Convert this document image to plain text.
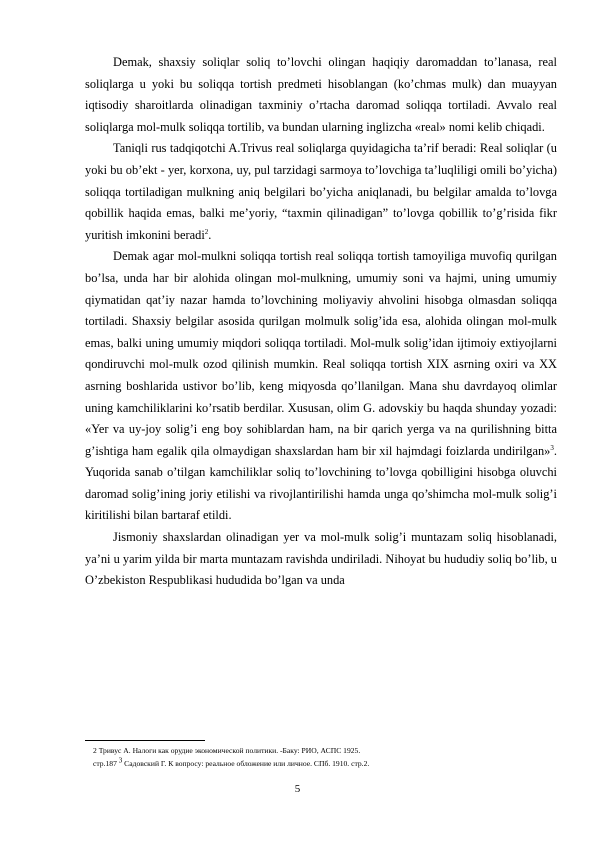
Demak, shaxsiy soliqlar soliq to’lovchi olingan haqiqiy daromaddan to’lanasa, real soliqlarga u yoki bu soliqqa tortish predmeti hisoblangan (ko’chmas mulk) dan muayyan iqtisodiy sharoitlarda olinadigan taxminiy o’rtacha daromad soliqqa tortiladi. Avvalo real soliqlarga mol-mulk soliqqa tortilib, va bundan ularning inglizcha «real» nomi kelib chiqadi.

Taniqli rus tadqiqotchi A.Trivus real soliqlarga quyidagicha ta’rif beradi: Real soliqlar (u yoki bu ob’ekt - yer, korxona, uy, pul tarzidagi sarmoya to’lovchiga ta’luqliligi omili bo’yicha) soliqqa tortiladigan mulkning aniq belgilari bo’yicha aniqlanadi, bu belgilar amalda to’lovga qobillik haqida emas, balki me’yoriy, “taxmin qilinadigan” to’lovga qobillik to’g’risida fikr yuritish imkonini beradi$^2$.

Demak agar mol-mulkni soliqqa tortish real soliqqa tortish tamoyiliga muvofiq qurilgan bo’lsa, unda har bir alohida olingan mol-mulkning, umumiy soni va hajmi, uning umumiy qiymatidan qat’iy nazar hamda to’lovchining moliyaviy ahvolini hisobga olmasdan soliqqa tortiladi. Shaxsiy belgilar asosida qurilgan molmulk solig’ida esa, alohida olingan mol-mulk emas, balki uning umumiy miqdori soliqqa tortiladi. Mol-mulk solig’idan ijtimoiy extiyojlarni qondiruvchi mol-mulk ozod qilinish mumkin. Real soliqqa tortish XIX asrning oxiri va XX asrning boshlarida ustivor bo’lib, keng miqyosda qo’llanilgan. Mana shu davrdayoq olimlar uning kamchiliklarini ko’rsatib berdilar. Xususan, olim G. adovskiy bu haqda shunday yozadi: «Yer va uy-joy solig’i eng boy sohiblardan ham, na bir qarich yerga va na qurilishning bitta g’ishtiga ham egalik qila olmaydigan shaxslardan ham bir xil hajmdagi foizlarda undirilgan»$^3$. Yuqorida sanab o’tilgan kamchiliklar soliq to’lovchining to’lovga qobilligini hisobga oluvchi daromad solig’ining joriy etilishi va rivojlantirilishi hamda unga qo’shimcha mol-mulk solig’i kiritilishi bilan bartaraf etildi.

Jismoniy shaxslardan olinadigan yer va mol-mulk solig’i muntazam soliq hisoblanadi, ya’ni u yarim yilda bir marta muntazam ravishda undiriladi. Nihoyat bu hududiy soliq bo’lib, u O’zbekiston Respublikasi hududida bo’lgan va unda

2 Тривус А. Налоги как орудие экономической политики. -Баку: РИО, АСПС 1925.

стр.187 $^3$ Садовский Г. К вопросу: реальное обложение или личное. СПб. 1910. стр.2.

5
